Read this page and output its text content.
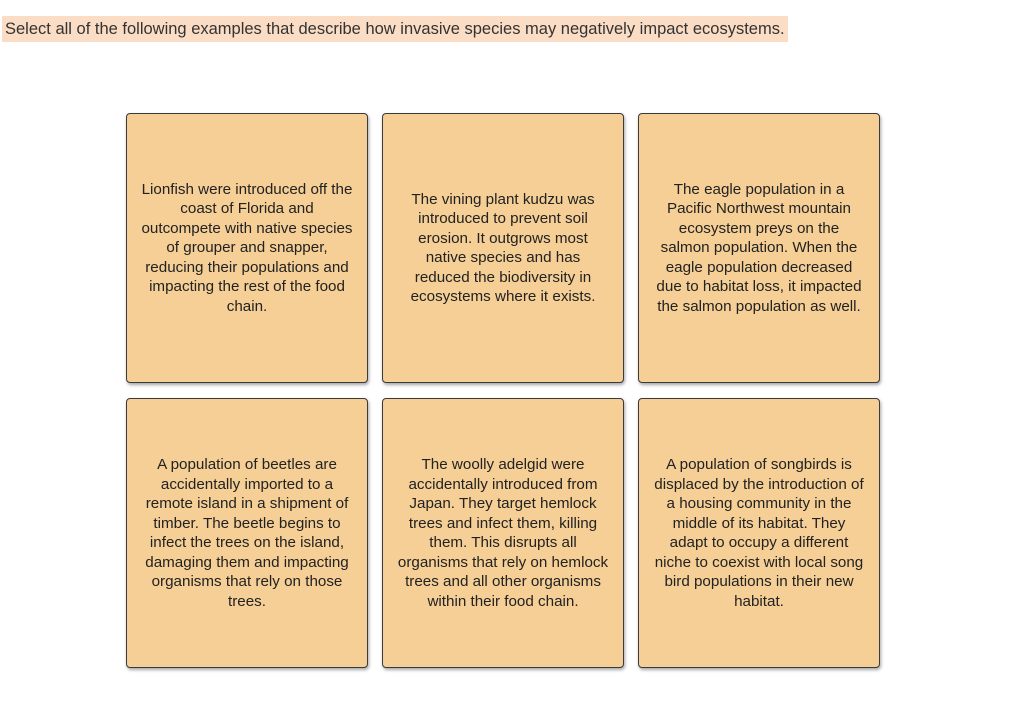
Select all of the following examples that describe how invasive species may negatively impact ecosystems.
Lionfish were introduced off the coast of Florida and outcompete with native species of grouper and snapper, reducing their populations and impacting the rest of the food chain.
The vining plant kudzu was introduced to prevent soil erosion. It outgrows most native species and has reduced the biodiversity in ecosystems where it exists.
The eagle population in a Pacific Northwest mountain ecosystem preys on the salmon population. When the eagle population decreased due to habitat loss, it impacted the salmon population as well.
A population of beetles are accidentally imported to a remote island in a shipment of timber. The beetle begins to infect the trees on the island, damaging them and impacting organisms that rely on those trees.
The woolly adelgid were accidentally introduced from Japan. They target hemlock trees and infect them, killing them. This disrupts all organisms that rely on hemlock trees and all other organisms within their food chain.
A population of songbirds is displaced by the introduction of a housing community in the middle of its habitat. They adapt to occupy a different niche to coexist with local song bird populations in their new habitat.
